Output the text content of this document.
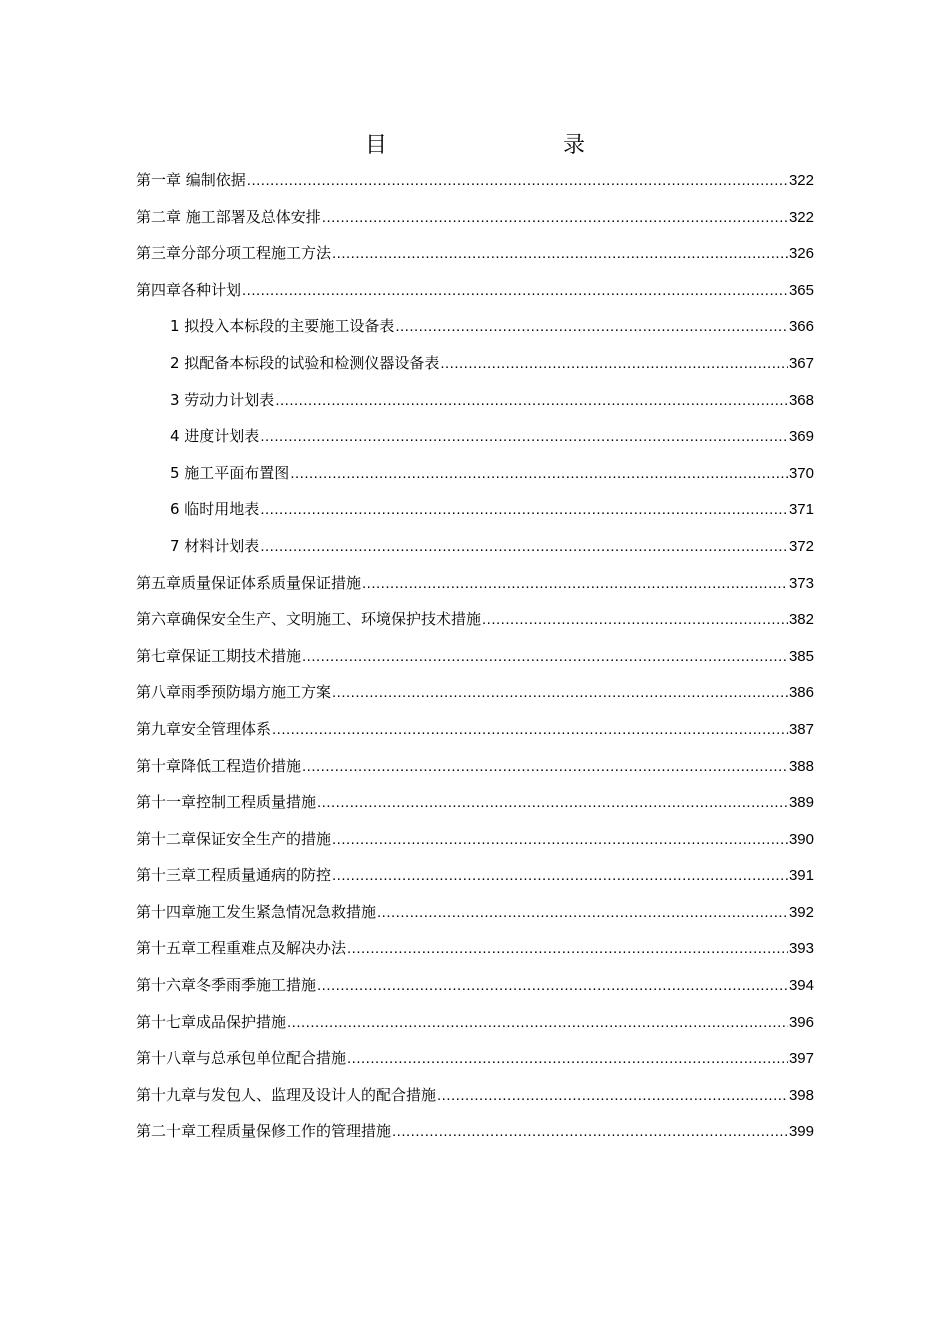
目　　录
第一章 编制依据 .....	322
第二章 施工部署及总体安排 .....	322
第三章分部分项工程施工方法 .....	326
第四章各种计划 .....	365
1 拟投入本标段的主要施工设备表 .....	366
2 拟配备本标段的试验和检测仪器设备表 .....	367
3 劳动力计划表 .....	368
4 进度计划表 .....	369
5 施工平面布置图 .....	370
6 临时用地表 .....	371
7 材料计划表 .....	372
第五章质量保证体系质量保证措施 .....	373
第六章确保安全生产、文明施工、环境保护技术措施 .....	382
第七章保证工期技术措施 .....	385
第八章雨季预防塌方施工方案 .....	386
第九章安全管理体系 .....	387
第十章降低工程造价措施 .....	388
第十一章控制工程质量措施 .....	389
第十二章保证安全生产的措施 .....	390
第十三章工程质量通病的防控 .....	391
第十四章施工发生紧急情况急救措施 .....	392
第十五章工程重难点及解决办法 .....	393
第十六章冬季雨季施工措施 .....	394
第十七章成品保护措施 .....	396
第十八章与总承包单位配合措施 .....	397
第十九章与发包人、监理及设计人的配合措施 .....	398
第二十章工程质量保修工作的管理措施 .....	399
